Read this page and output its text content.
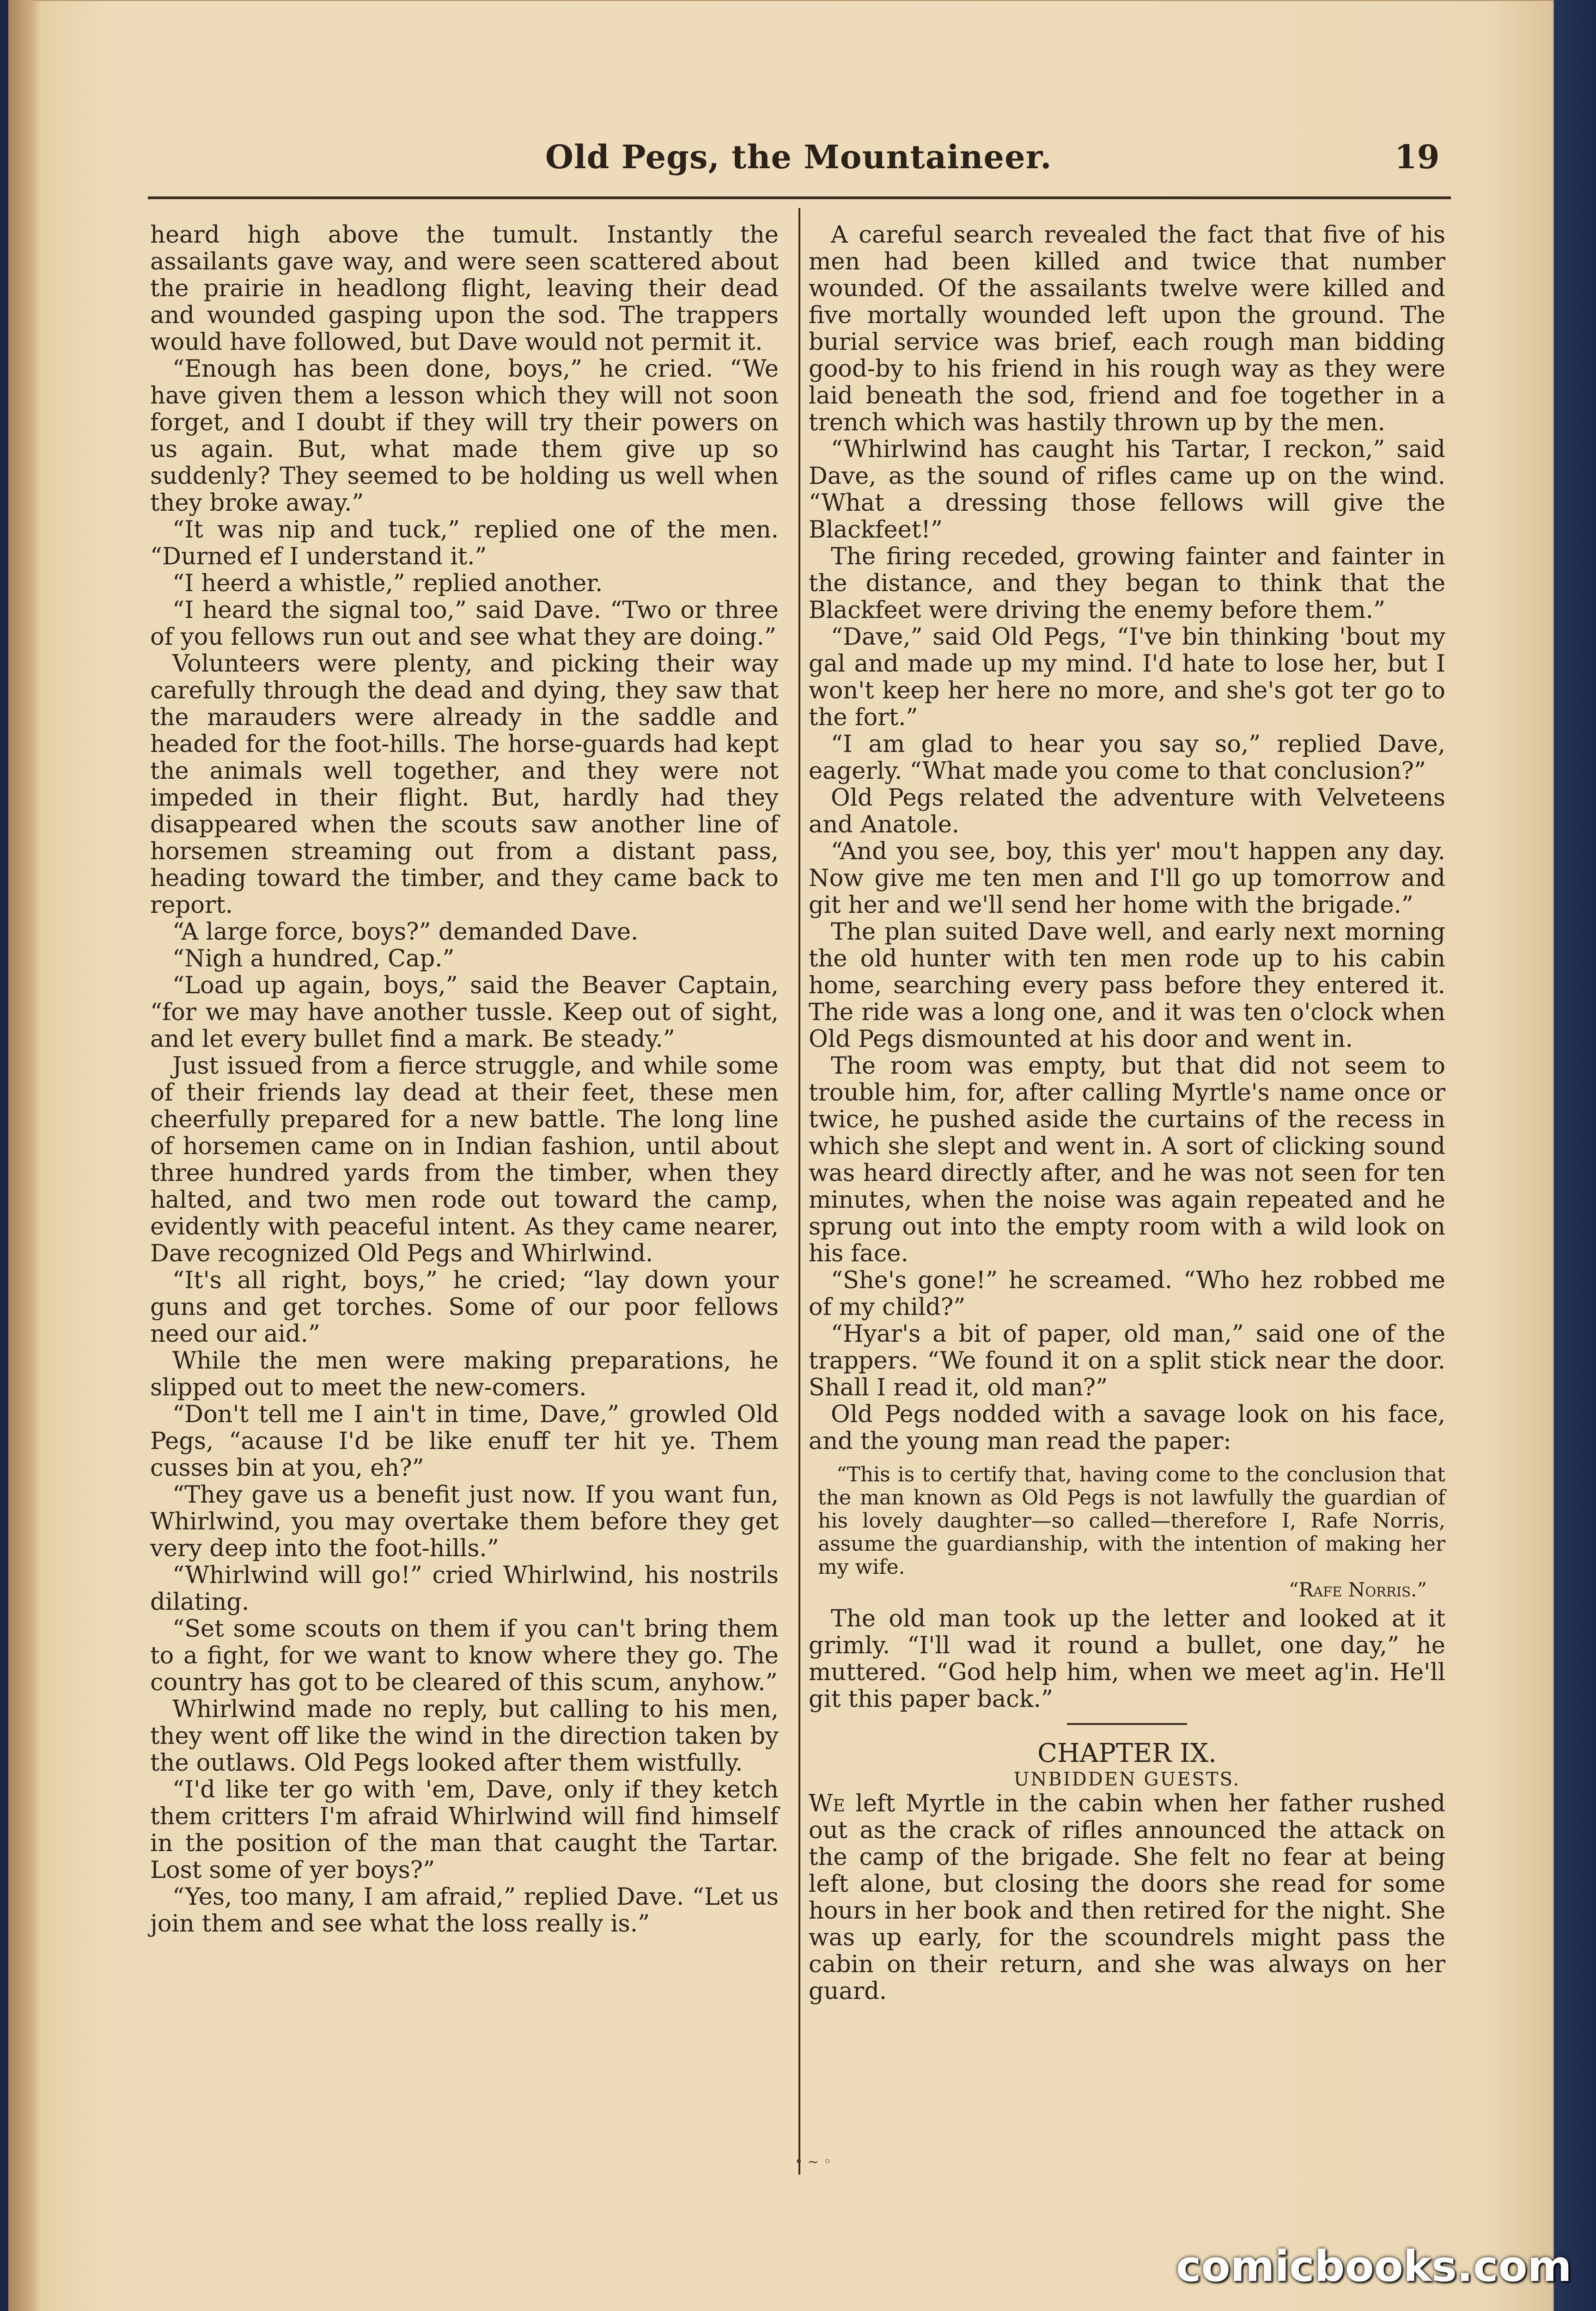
Old Pegs, the Mountaineer.	19

heard high above the tumult. Instantly the assailants gave way, and were seen scattered about the prairie in headlong flight, leaving their dead and wounded gasping upon the sod. The trappers would have followed, but Dave would not permit it.

“Enough has been done, boys,” he cried. “We have given them a lesson which they will not soon forget, and I doubt if they will try their powers on us again. But, what made them give up so suddenly? They seemed to be holding us well when they broke away.”

“It was nip and tuck,” replied one of the men. “Durned ef I understand it.”

“I heerd a whistle,” replied another.

“I heard the signal too,” said Dave. “Two or three of you fellows run out and see what they are doing.”

Volunteers were plenty, and picking their way carefully through the dead and dying, they saw that the marauders were already in the saddle and headed for the foot-hills. The horse-guards had kept the animals well together, and they were not impeded in their flight. But, hardly had they disappeared when the scouts saw another line of horsemen streaming out from a distant pass, heading toward the timber, and they came back to report.

“A large force, boys?” demanded Dave.

“Nigh a hundred, Cap.”

“Load up again, boys,” said the Beaver Captain, “for we may have another tussle. Keep out of sight, and let every bullet find a mark. Be steady.”

Just issued from a fierce struggle, and while some of their friends lay dead at their feet, these men cheerfully prepared for a new battle. The long line of horsemen came on in Indian fashion, until about three hundred yards from the timber, when they halted, and two men rode out toward the camp, evidently with peaceful intent. As they came nearer, Dave recognized Old Pegs and Whirlwind.

“It's all right, boys,” he cried; “lay down your guns and get torches. Some of our poor fellows need our aid.”

While the men were making preparations, he slipped out to meet the new-comers.

“Don't tell me I ain't in time, Dave,” growled Old Pegs, “acause I'd be like enuff ter hit ye. Them cusses bin at you, eh?”

“They gave us a benefit just now. If you want fun, Whirlwind, you may overtake them before they get very deep into the foot-hills.”

“Whirlwind will go!” cried Whirlwind, his nostrils dilating.

“Set some scouts on them if you can't bring them to a fight, for we want to know where they go. The country has got to be cleared of this scum, anyhow.”

Whirlwind made no reply, but calling to his men, they went off like the wind in the direction taken by the outlaws. Old Pegs looked after them wistfully.

“I'd like ter go with 'em, Dave, only if they ketch them critters I'm afraid Whirlwind will find himself in the position of the man that caught the Tartar. Lost some of yer boys?”

“Yes, too many, I am afraid,” replied Dave. “Let us join them and see what the loss really is.”

A careful search revealed the fact that five of his men had been killed and twice that number wounded. Of the assailants twelve were killed and five mortally wounded left upon the ground. The burial service was brief, each rough man bidding good-by to his friend in his rough way as they were laid beneath the sod, friend and foe together in a trench which was hastily thrown up by the men.

“Whirlwind has caught his Tartar, I reckon,” said Dave, as the sound of rifles came up on the wind. “What a dressing those fellows will give the Blackfeet!”

The firing receded, growing fainter and fainter in the distance, and they began to think that the Blackfeet were driving the enemy before them.”

“Dave,” said Old Pegs, “I've bin thinking 'bout my gal and made up my mind. I'd hate to lose her, but I won't keep her here no more, and she's got ter go to the fort.”

“I am glad to hear you say so,” replied Dave, eagerly. “What made you come to that conclusion?”

Old Pegs related the adventure with Velveteens and Anatole.

“And you see, boy, this yer' mou't happen any day. Now give me ten men and I'll go up tomorrow and git her and we'll send her home with the brigade.”

The plan suited Dave well, and early next morning the old hunter with ten men rode up to his cabin home, searching every pass before they entered it. The ride was a long one, and it was ten o'clock when Old Pegs dismounted at his door and went in.

The room was empty, but that did not seem to trouble him, for, after calling Myrtle's name once or twice, he pushed aside the curtains of the recess in which she slept and went in. A sort of clicking sound was heard directly after, and he was not seen for ten minutes, when the noise was again repeated and he sprung out into the empty room with a wild look on his face.

“She's gone!” he screamed. “Who hez robbed me of my child?”

“Hyar's a bit of paper, old man,” said one of the trappers. “We found it on a split stick near the door. Shall I read it, old man?”

Old Pegs nodded with a savage look on his face, and the young man read the paper:

“This is to certify that, having come to the conclusion that the man known as Old Pegs is not lawfully the guardian of his lovely daughter—so called—therefore I, Rafe Norris, assume the guardianship, with the intention of making her my wife.

“Rafe Norris.”

The old man took up the letter and looked at it grimly. “I'll wad it round a bullet, one day,” he muttered. “God help him, when we meet ag'in. He'll git this paper back.”

CHAPTER IX.
UNBIDDEN GUESTS.

We left Myrtle in the cabin when her father rushed out as the crack of rifles announced the attack on the camp of the brigade. She felt no fear at being left alone, but closing the doors she read for some hours in her book and then retired for the night. She was up early, for the scoundrels might pass the cabin on their return, and she was always on her guard.

• ~ ◦
comicbooks.com
